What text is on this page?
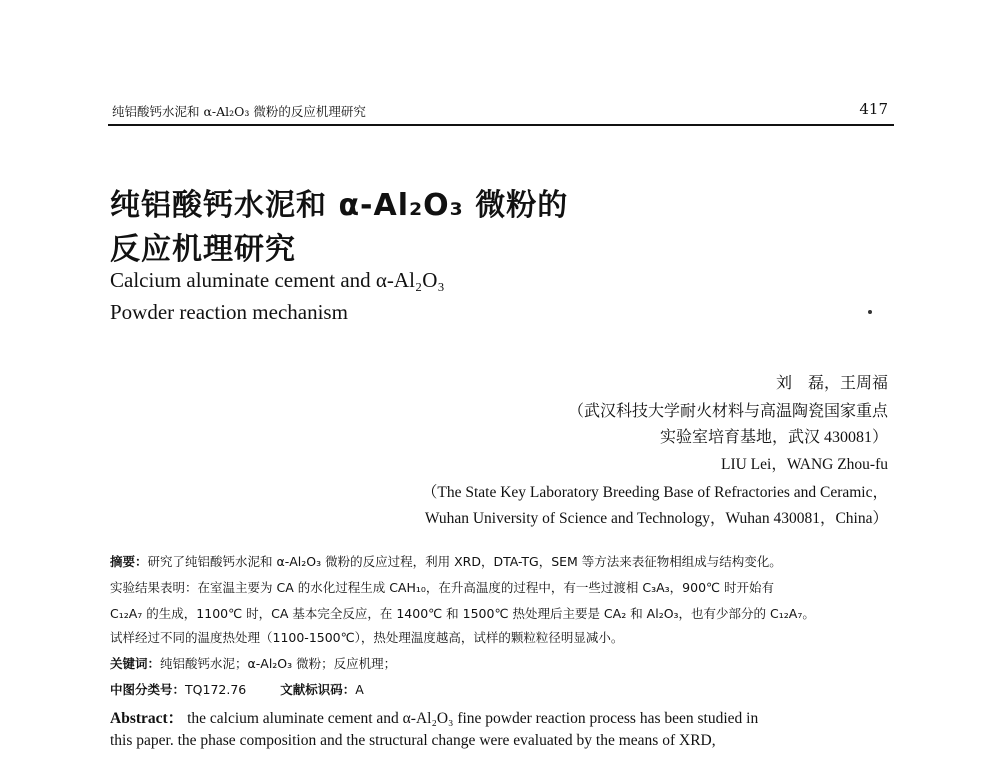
纯铝酸钙水泥和 α-Al₂O₃ 微粉的反应机理研究	417
纯铝酸钙水泥和 α-Al₂O₃ 微粉的
反应机理研究
Calcium aluminate cement and α-Al₂O₃
Powder reaction mechanism
刘　磊，王周福
（武汉科技大学耐火材料与高温陶瓷国家重点
实验室培育基地，武汉 430081）
LIU Lei，WANG Zhou-fu
（The State Key Laboratory Breeding Base of Refractories and Ceramic，
Wuhan University of Science and Technology，Wuhan 430081，China）
摘要：研究了纯铝酸钙水泥和 α-Al₂O₃ 微粉的反应过程，利用 XRD，DTA-TG，SEM 等方法来表征物相组成与结构变化。
实验结果表明：在室温主要为 CA 的水化过程生成 CAH₁₀，在升高温度的过程中，有一些过渡相 C₃A₃，900℃ 时开始有
C₁₂A₇ 的生成，1100℃ 时，CA 基本完全反应，在 1400℃ 和 1500℃ 热处理后主要是 CA₂ 和 Al₂O₃，也有少部分的 C₁₂A₇。
试样经过不同的温度热处理（1100-1500℃），热处理温度越高，试样的颗粒粒径明显减小。
关键词：纯铝酸钙水泥；α-Al₂O₃ 微粉；反应机理；
中图分类号：TQ172.76	文献标识码：A
Abstract： the calcium aluminate cement and α-Al₂O₃ fine powder reaction process has been studied in
this paper. the phase composition and the structural change were evaluated by the means of XRD,
